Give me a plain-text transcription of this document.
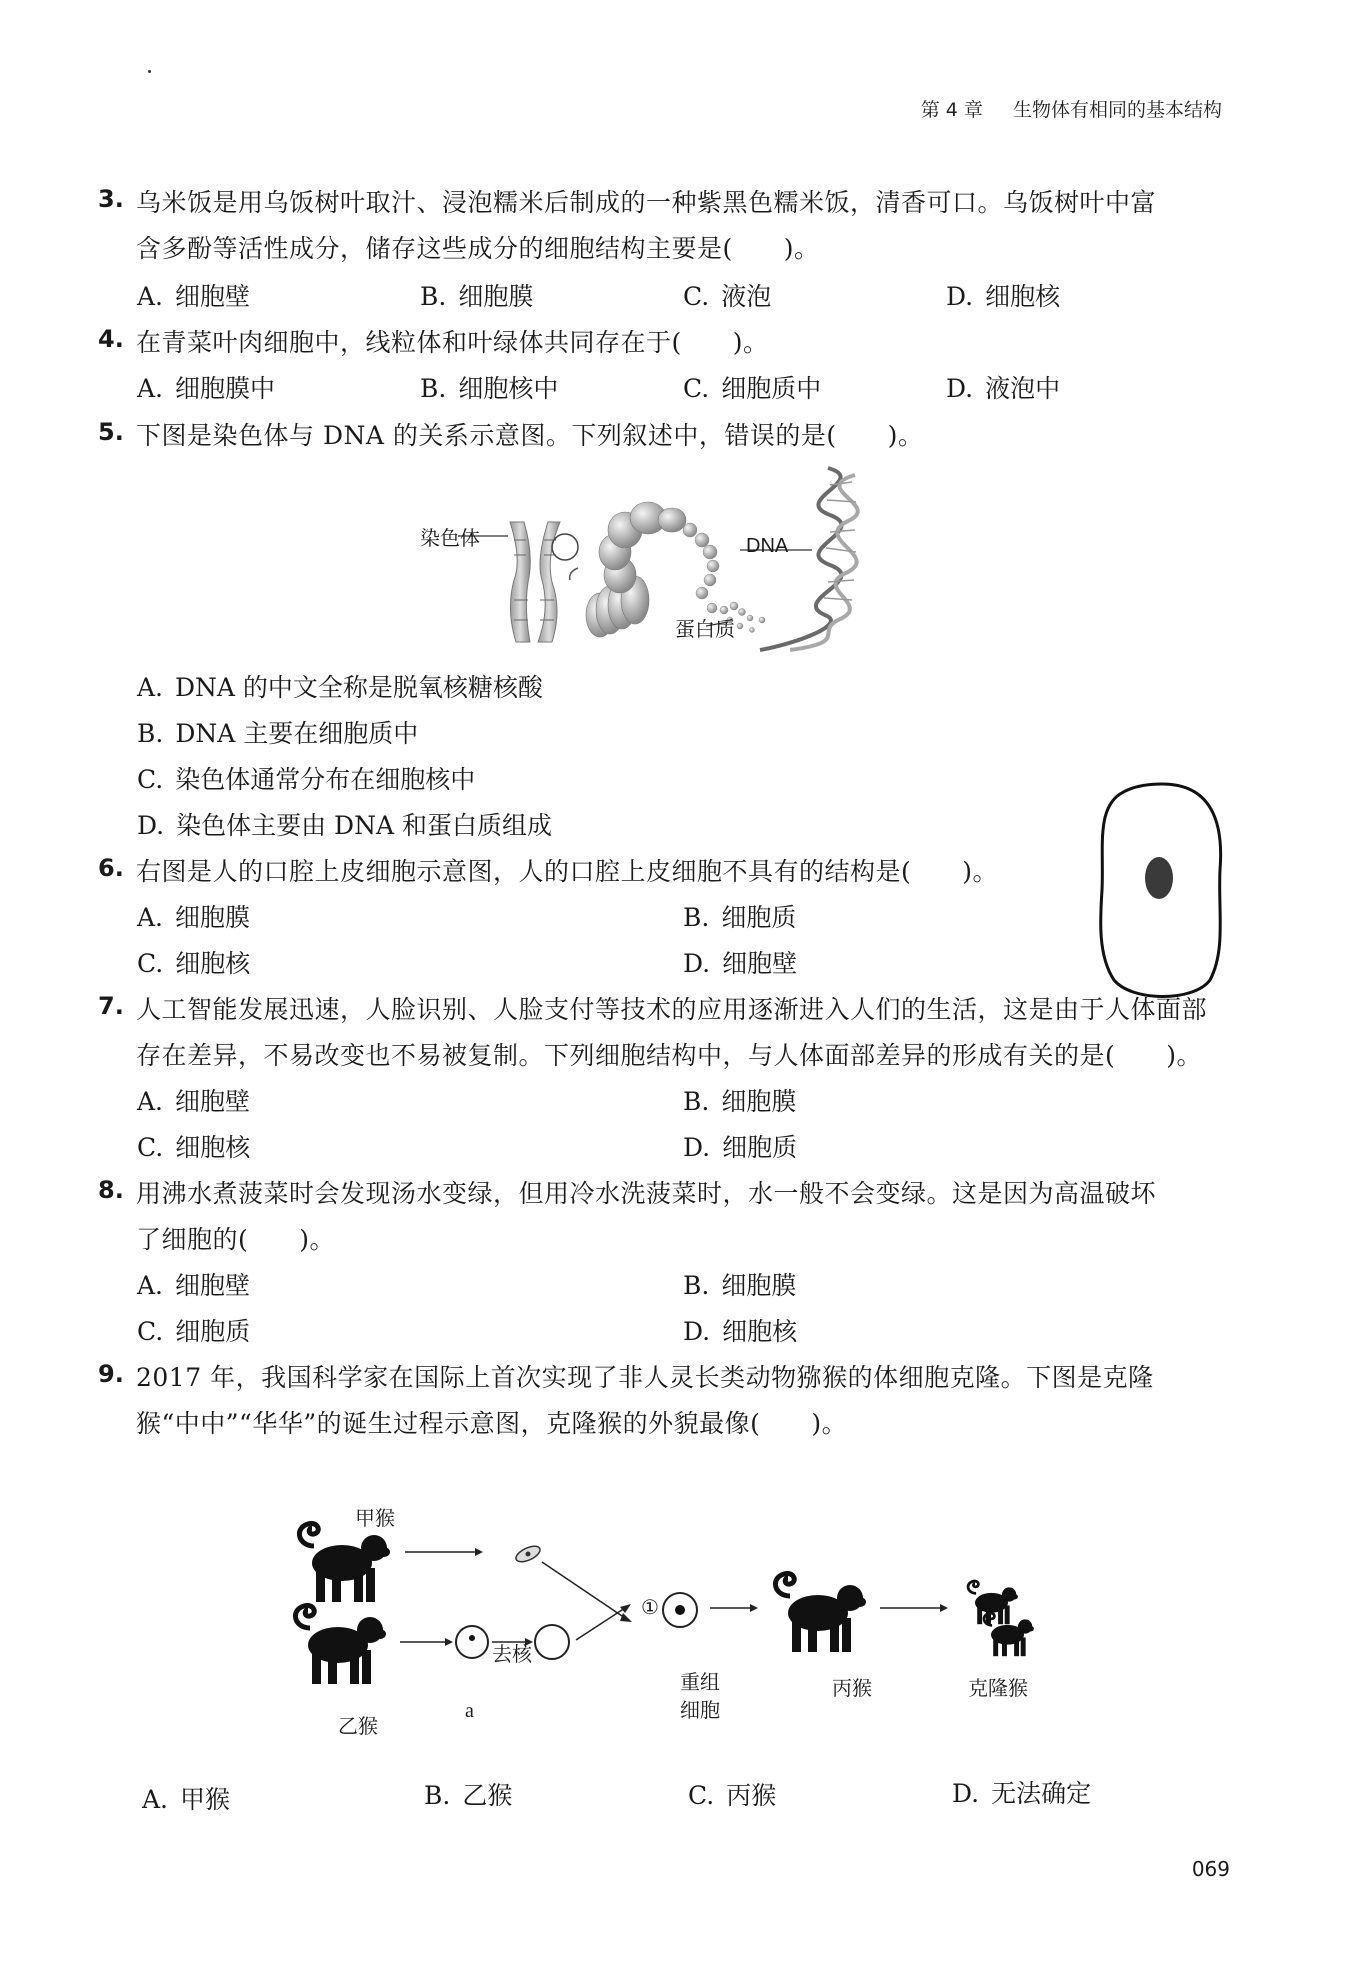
第 4 章 生物体有相同的基本结构
3. 乌米饭是用乌饭树叶取汁、浸泡糯米后制成的一种紫黑色糯米饭，清香可口。乌饭树叶中富
含多酚等活性成分，储存这些成分的细胞结构主要是(　　)。
A. 细胞壁	B. 细胞膜	C. 液泡	D. 细胞核
4. 在青菜叶肉细胞中，线粒体和叶绿体共同存在于(　　)。
A. 细胞膜中	B. 细胞核中	C. 细胞质中	D. 液泡中
5. 下图是染色体与 DNA 的关系示意图。下列叙述中，错误的是(　　)。
染色体	DNA
蛋白质
A. DNA 的中文全称是脱氧核糖核酸
B. DNA 主要在细胞质中
C. 染色体通常分布在细胞核中
D. 染色体主要由 DNA 和蛋白质组成
6. 右图是人的口腔上皮细胞示意图，人的口腔上皮细胞不具有的结构是(　　)。
A. 细胞膜	B. 细胞质
C. 细胞核	D. 细胞壁
7. 人工智能发展迅速，人脸识别、人脸支付等技术的应用逐渐进入人们的生活，这是由于人体面部
存在差异，不易改变也不易被复制。下列细胞结构中，与人体面部差异的形成有关的是(　　)。
A. 细胞壁	B. 细胞膜
C. 细胞核	D. 细胞质
8. 用沸水煮菠菜时会发现汤水变绿，但用冷水洗菠菜时，水一般不会变绿。这是因为高温破坏
了细胞的(　　)。
A. 细胞壁	B. 细胞膜
C. 细胞质	D. 细胞核
9. 2017 年，我国科学家在国际上首次实现了非人灵长类动物猕猴的体细胞克隆。下图是克隆
猴“中中”“华华”的诞生过程示意图，克隆猴的外貌最像(　　)。
甲猴
乙猴
a
去核
①
重组
细胞
丙猴	克隆猴
A. 甲猴	B. 乙猴	C. 丙猴	D. 无法确定
069
